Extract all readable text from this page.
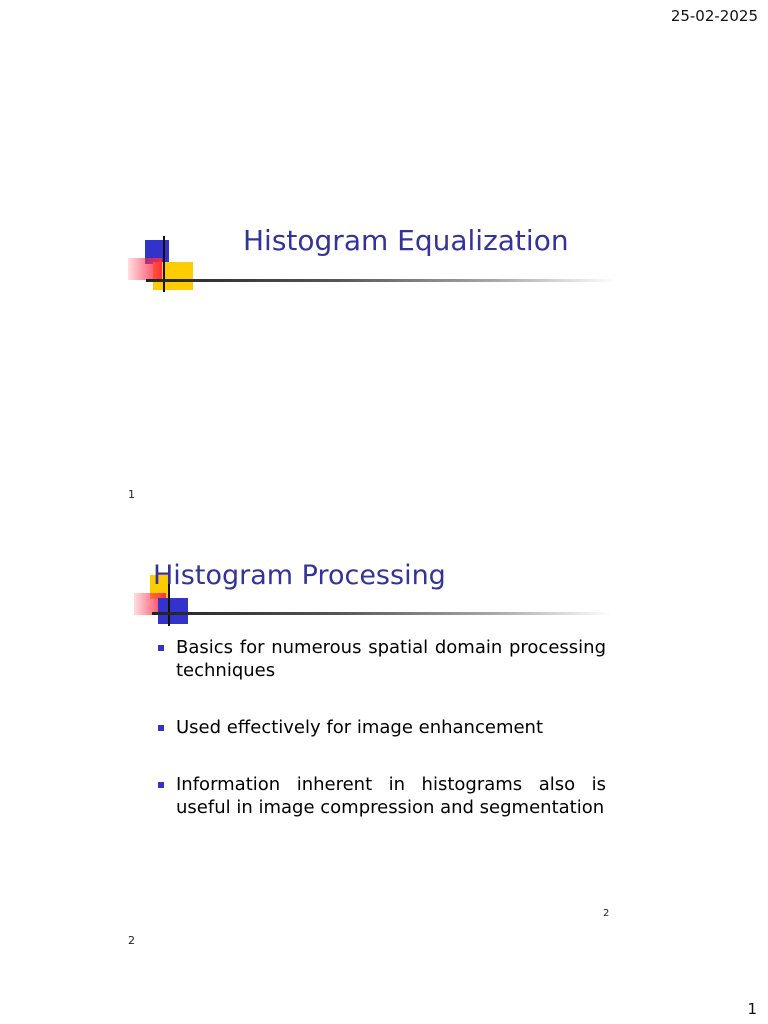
25-02-2025
Histogram Equalization
1
Histogram Processing
Basics for numerous spatial domain processing techniques
Used effectively for image enhancement
Information inherent in histograms also is useful in image compression and segmentation
2
2
1
